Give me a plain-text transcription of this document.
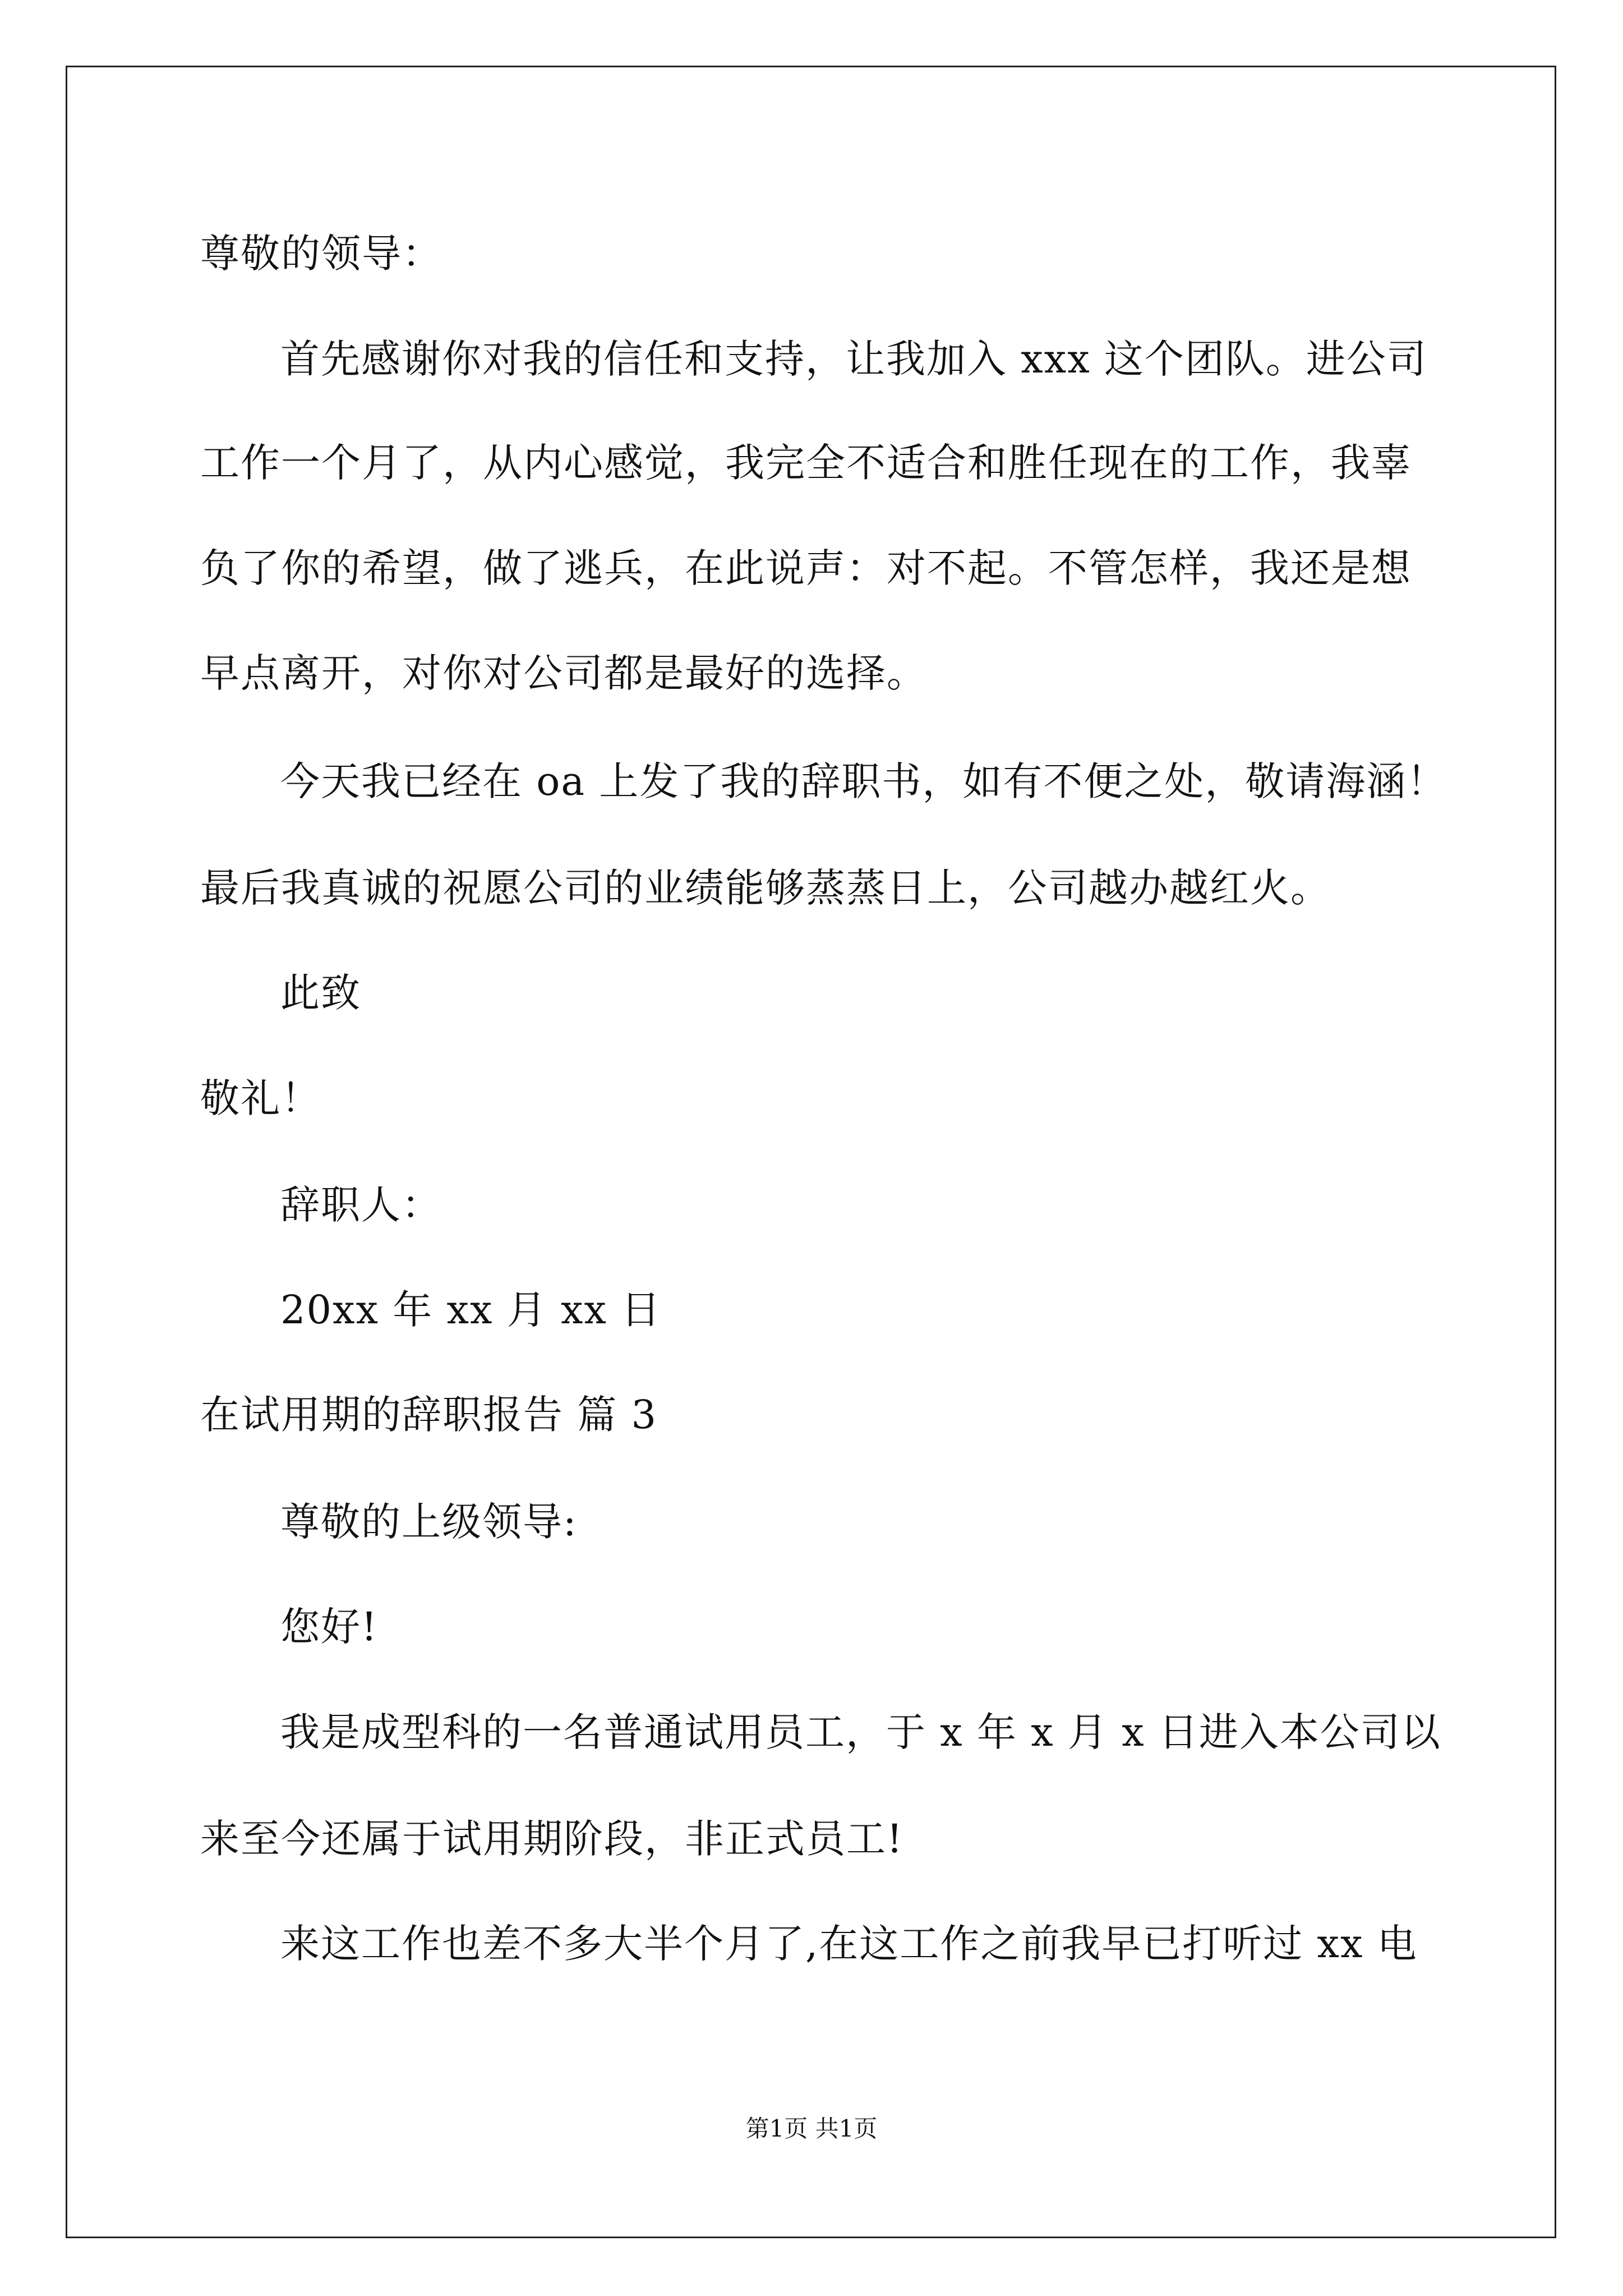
尊敬的领导：
首先感谢你对我的信任和支持，让我加入 xxx 这个团队。进公司
工作一个月了，从内心感觉，我完全不适合和胜任现在的工作，我辜
负了你的希望，做了逃兵，在此说声：对不起。不管怎样，我还是想
早点离开，对你对公司都是最好的选择。
今天我已经在 oa 上发了我的辞职书，如有不便之处，敬请海涵！
最后我真诚的祝愿公司的业绩能够蒸蒸日上，公司越办越红火。
此致
敬礼！
辞职人：
20xx 年 xx 月 xx 日
在试用期的辞职报告 篇 3
尊敬的上级领导:
您好!
我是成型科的一名普通试用员工，于 x 年 x 月 x 日进入本公司以
来至今还属于试用期阶段，非正式员工!
来这工作也差不多大半个月了,在这工作之前我早已打听过 xx 电
第1页 共1页
